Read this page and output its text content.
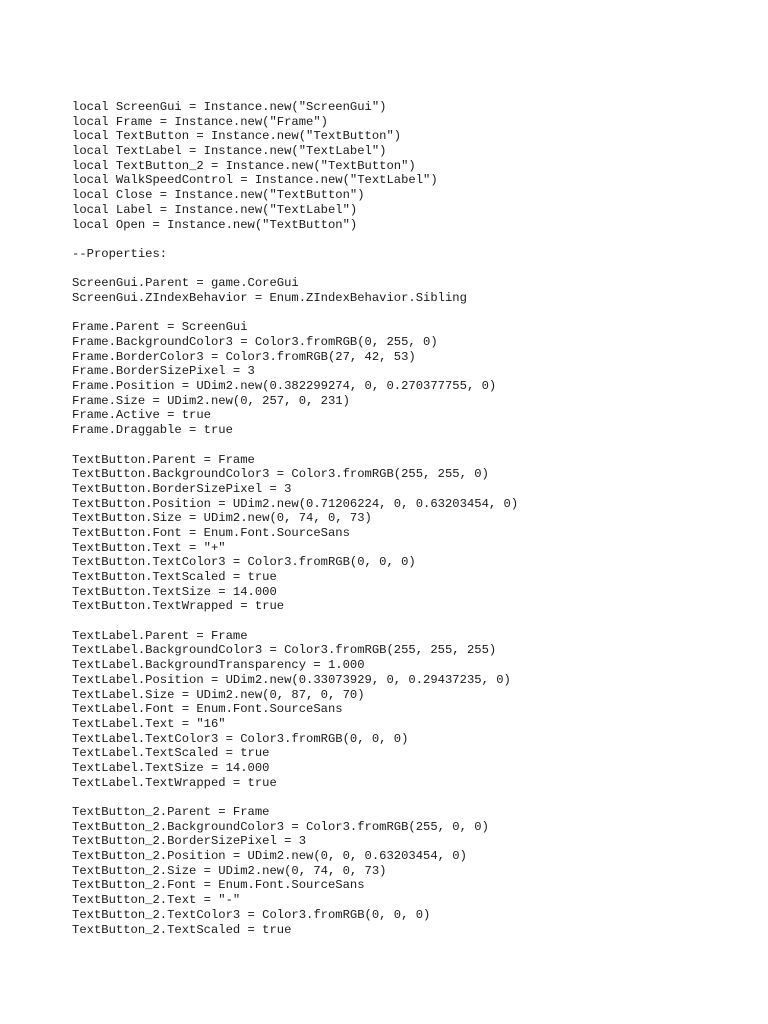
local ScreenGui = Instance.new("ScreenGui")
local Frame = Instance.new("Frame")
local TextButton = Instance.new("TextButton")
local TextLabel = Instance.new("TextLabel")
local TextButton_2 = Instance.new("TextButton")
local WalkSpeedControl = Instance.new("TextLabel")
local Close = Instance.new("TextButton")
local Label = Instance.new("TextLabel")
local Open = Instance.new("TextButton")
--Properties:
ScreenGui.Parent = game.CoreGui
ScreenGui.ZIndexBehavior = Enum.ZIndexBehavior.Sibling
Frame.Parent = ScreenGui
Frame.BackgroundColor3 = Color3.fromRGB(0, 255, 0)
Frame.BorderColor3 = Color3.fromRGB(27, 42, 53)
Frame.BorderSizePixel = 3
Frame.Position = UDim2.new(0.382299274, 0, 0.270377755, 0)
Frame.Size = UDim2.new(0, 257, 0, 231)
Frame.Active = true
Frame.Draggable = true
TextButton.Parent = Frame
TextButton.BackgroundColor3 = Color3.fromRGB(255, 255, 0)
TextButton.BorderSizePixel = 3
TextButton.Position = UDim2.new(0.71206224, 0, 0.63203454, 0)
TextButton.Size = UDim2.new(0, 74, 0, 73)
TextButton.Font = Enum.Font.SourceSans
TextButton.Text = "+"
TextButton.TextColor3 = Color3.fromRGB(0, 0, 0)
TextButton.TextScaled = true
TextButton.TextSize = 14.000
TextButton.TextWrapped = true
TextLabel.Parent = Frame
TextLabel.BackgroundColor3 = Color3.fromRGB(255, 255, 255)
TextLabel.BackgroundTransparency = 1.000
TextLabel.Position = UDim2.new(0.33073929, 0, 0.29437235, 0)
TextLabel.Size = UDim2.new(0, 87, 0, 70)
TextLabel.Font = Enum.Font.SourceSans
TextLabel.Text = "16"
TextLabel.TextColor3 = Color3.fromRGB(0, 0, 0)
TextLabel.TextScaled = true
TextLabel.TextSize = 14.000
TextLabel.TextWrapped = true
TextButton_2.Parent = Frame
TextButton_2.BackgroundColor3 = Color3.fromRGB(255, 0, 0)
TextButton_2.BorderSizePixel = 3
TextButton_2.Position = UDim2.new(0, 0, 0.63203454, 0)
TextButton_2.Size = UDim2.new(0, 74, 0, 73)
TextButton_2.Font = Enum.Font.SourceSans
TextButton_2.Text = "-"
TextButton_2.TextColor3 = Color3.fromRGB(0, 0, 0)
TextButton_2.TextScaled = true
